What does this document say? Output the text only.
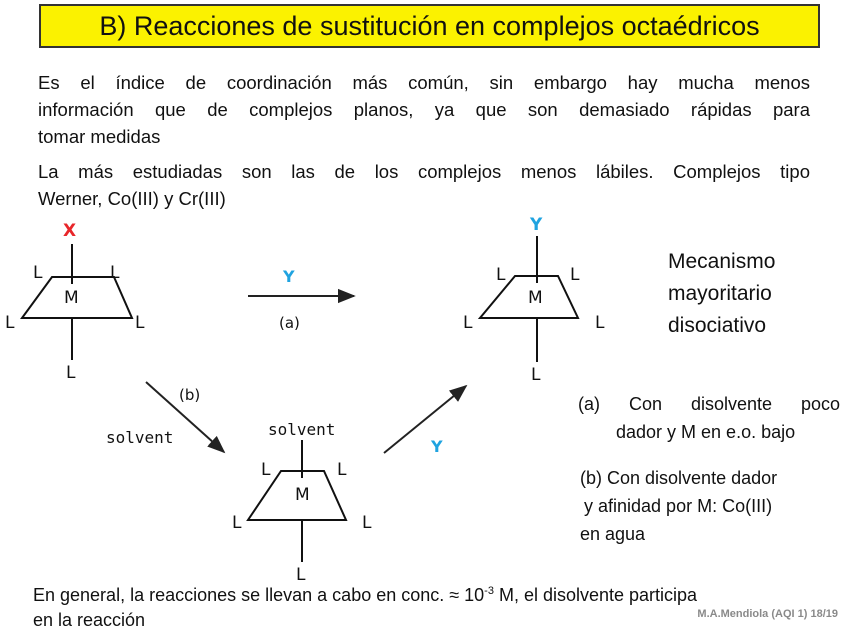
B) Reacciones de sustitución en complejos octaédricos
Es el índice de coordinación más común, sin embargo hay mucha menos
información que de complejos planos, ya que son demasiado rápidas para
tomar medidas
La más estudiadas son las de los complejos menos lábiles. Complejos tipo
Werner, Co(III) y Cr(III)
X
M
L	L
L	L
L
Y
(a)
Y
M
L	L
L	L
L
(b)
solvent	solvent
M
L	L
L	L
L
Y
Mecanismo
mayoritario
disociativo
(a) Con disolvente poco
dador y M en e.o. bajo
(b) Con disolvente dador
y afinidad por M: Co(III)
en agua
En general, la reacciones se llevan a cabo en conc. ≈ $10^{-3}$ M, el disolvente participa
en la reacción	M.A.Mendiola (AQI 1) 18/19
